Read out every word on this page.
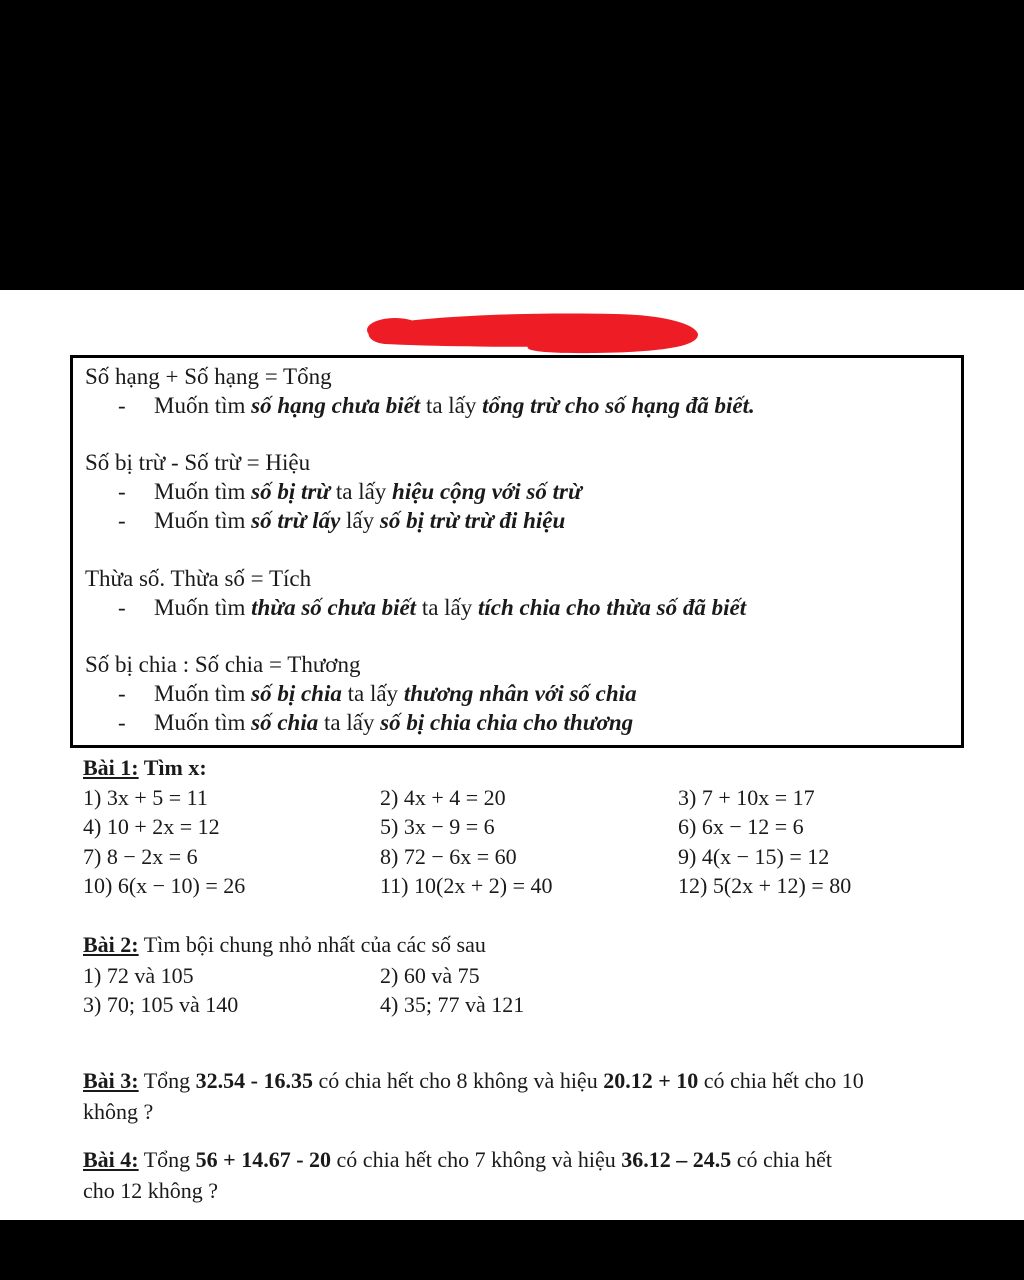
Số hạng + Số hạng = Tổng
- Muốn tìm số hạng chưa biết ta lấy tổng trừ cho số hạng đã biết.
Số bị trừ - Số trừ = Hiệu
- Muốn tìm số bị trừ ta lấy hiệu cộng với số trừ
- Muốn tìm số trừ lấy lấy số bị trừ trừ đi hiệu
Thừa số. Thừa số = Tích
- Muốn tìm thừa số chưa biết ta lấy tích chia cho thừa số đã biết
Số bị chia : Số chia = Thương
- Muốn tìm số bị chia ta lấy thương nhân với số chia
- Muốn tìm số chia ta lấy số bị chia chia cho thương
Bài 1: Tìm x:
1) 3x + 5 = 11	2) 4x + 4 = 20	3) 7 + 10x = 17
4) 10 + 2x = 12	5) 3x − 9 = 6	6) 6x − 12 = 6
7) 8 − 2x = 6	8) 72 − 6x = 60	9) 4(x − 15) = 12
10) 6(x − 10) = 26	11) 10(2x + 2) = 40	12) 5(2x + 12) = 80
Bài 2: Tìm bội chung nhỏ nhất của các số sau
1) 72 và 105	2) 60 và 75
3) 70; 105 và 140	4) 35; 77 và 121
Bài 3: Tổng 32.54 - 16.35 có chia hết cho 8 không và hiệu 20.12 + 10 có chia hết cho 10
không ?
Bài 4: Tổng 56 + 14.67 - 20 có chia hết cho 7 không và hiệu 36.12 – 24.5 có chia hết
cho 12 không ?
